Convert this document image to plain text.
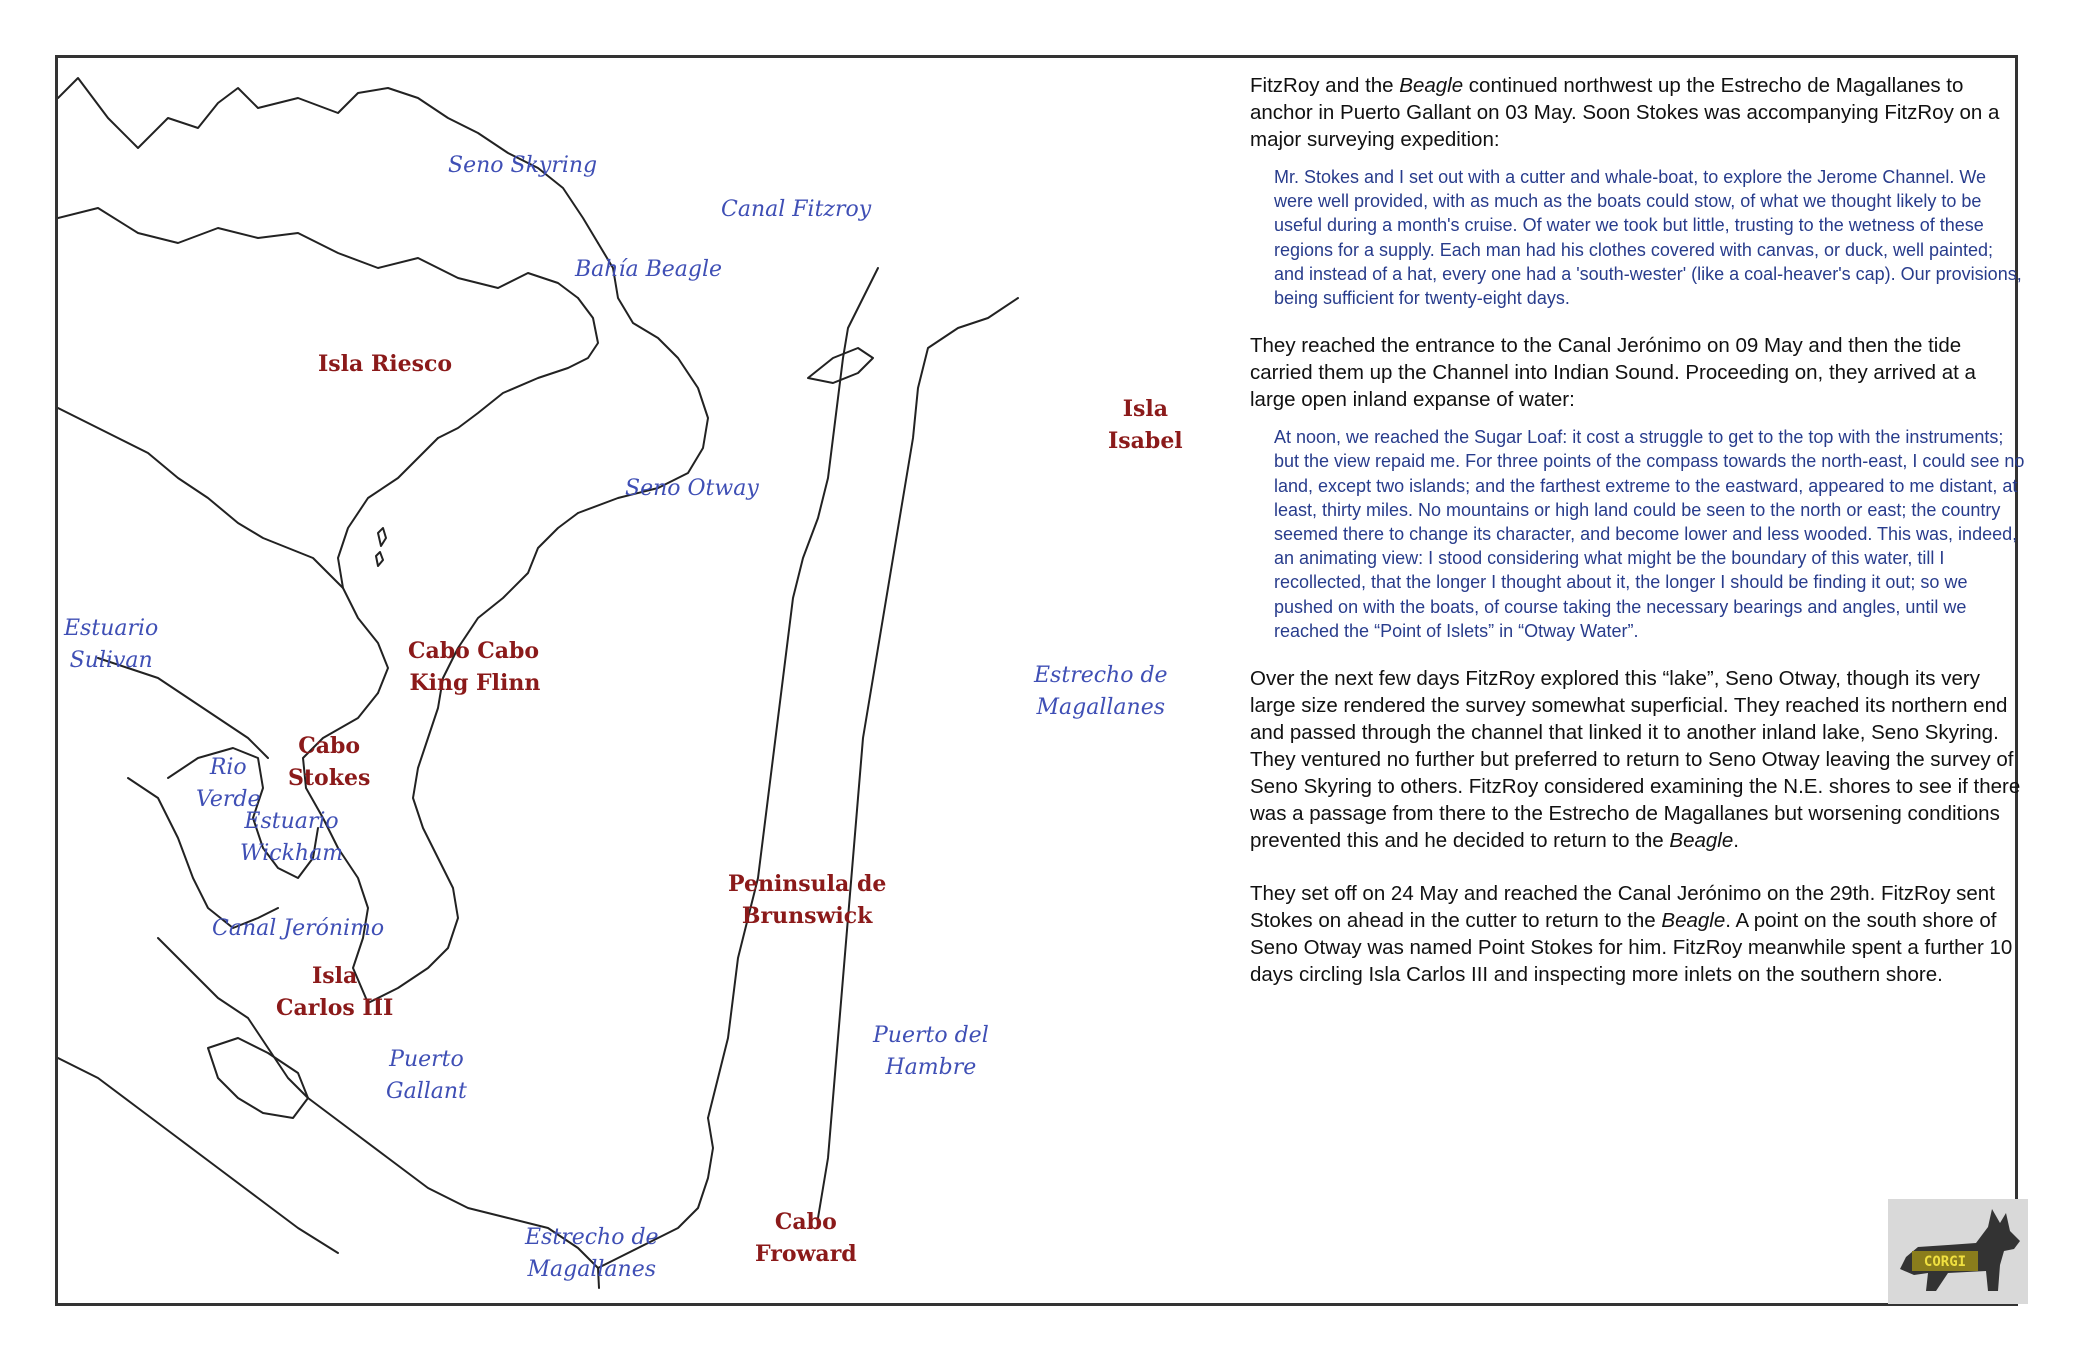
Seno Skyring
Canal Fitzroy
Bahía Beagle
Isla Riesco
Isla
Isabel
Seno Otway
Estuario
Sulivan	Cabo
King
Cabo
Flinn	Estrecho de
Magallanes
Cabo
Stokes
Rio
Verde
Estuario
Wickham
Peninsula de
Brunswick
Canal Jerónimo
Isla
Carlos III
Puerto del
Hambre
Puerto
Gallant
Cabo
Froward
Estrecho de
Magallanes

FitzRoy and the Beagle continued northwest up the Estrecho de Magallanes to anchor in Puerto Gallant on 03 May. Soon Stokes was accompanying FitzRoy on a major surveying expedition:

Mr. Stokes and I set out with a cutter and whale-boat, to explore the Jerome Channel. We were well provided, with as much as the boats could stow, of what we thought likely to be useful during a month's cruise. Of water we took but little, trusting to the wetness of these regions for a supply. Each man had his clothes covered with canvas, or duck, well painted; and instead of a hat, every one had a 'south-wester' (like a coal-heaver's cap). Our provisions, being sufficient for twenty-eight days.

They reached the entrance to the Canal Jerónimo on 09 May and then the tide carried them up the Channel into Indian Sound. Proceeding on, they arrived at a large open inland expanse of water:

At noon, we reached the Sugar Loaf: it cost a struggle to get to the top with the instruments; but the view repaid me. For three points of the compass towards the north-east, I could see no land, except two islands; and the farthest extreme to the eastward, appeared to me distant, at least, thirty miles. No mountains or high land could be seen to the north or east; the country seemed there to change its character, and become lower and less wooded. This was, indeed, an animating view: I stood considering what might be the boundary of this water, till I recollected, that the longer I thought about it, the longer I should be finding it out; so we pushed on with the boats, of course taking the necessary bearings and angles, until we reached the “Point of Islets” in “Otway Water”.

Over the next few days FitzRoy explored this “lake”, Seno Otway, though its very large size rendered the survey somewhat superficial. They reached its northern end and passed through the channel that linked it to another inland lake, Seno Skyring. They ventured no further but preferred to return to Seno Otway leaving the survey of Seno Skyring to others. FitzRoy considered examining the N.E. shores to see if there was a passage from there to the Estrecho de Magallanes but worsening conditions prevented this and he decided to return to the Beagle.

They set off on 24 May and reached the Canal Jerónimo on the 29th. FitzRoy sent Stokes on ahead in the cutter to return to the Beagle. A point on the south shore of Seno Otway was named Point Stokes for him. FitzRoy meanwhile spent a further 10 days circling Isla Carlos III and inspecting more inlets on the southern shore.

CORGI
